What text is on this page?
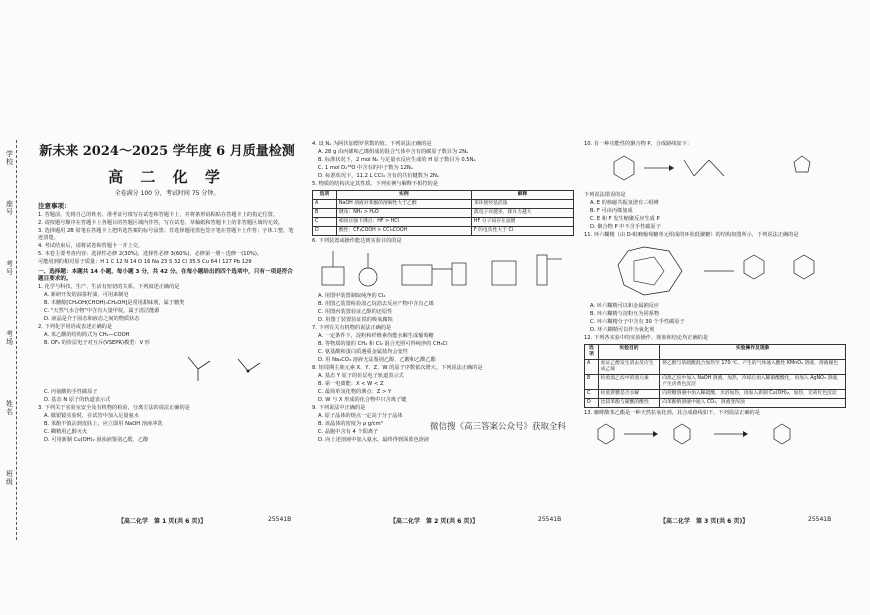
学校
班级
姓名
考场
考号
座号
新未来 2024～2025 学年度 6 月质量检测
高 二 化 学
全卷满分 100 分，考试时间 75 分钟。
注意事项：
1. 答题前，先将自己的姓名、准考证号填写在试卷和答题卡上，并将条形码粘贴在答题卡上的指定位置。
2. 请按题号顺序在答题卡上各题目的答题区域内作答，写在试卷、草稿纸和答题卡上的非答题区域均无效。
3. 选择题用 2B 铅笔在答题卡上把所选答案的标号涂黑；非选择题用黑色签字笔在答题卡上作答；字体工整，笔迹清楚。
4. 考试结束后，请将试卷和答题卡一并上交。
5. 本卷主要考查内容：选择性必修 2(30%)，选择性必修 3(60%)，必修第一册～选修一(10%)。
可能用到的相对原子质量：H 1 C 12 N 14 O 16 Na 23 S 32 Cl 35.5 Cu 64 I 127 Pb 129
一、选择题：本题共 14 小题，每小题 3 分，共 42 分。在每小题给出的四个选项中，只有一项是符合题目要求的。
1. 化学与科技、生产、生活有密切的关系。下列叙述正确的是
A. 新研开发的油茶籽油，可用来制皂
B. 木糖醇[CH₂OH(CHOH)₃CH₂OH]是常用甜味剂，属于糖类
C. "天然气水合物"中含有大量甲烷，属于清洁能源
D. 液晶是介于固态和液态之间的物质状态
2. 下列化学用语或表述正确的是
A. 苯乙酸的结构简式为 CH₂—COOH
B. OF₂ 的价层电子对互斥(VSEPR)模型：V 形
C. 丙氨酸的手性碳原子
D. 基态 N 原子的轨道表示式
3. 下列关于实验室安全及有机物的检验，分离方法的说法正确的是
A. 做银镜实验时，在试管中加入足量氨水
B. 苯酚不慎沾到皮肤上，应立即用 NaOH 溶液冲洗
C. 糊精用乙醇灭火
D. 可用新制 Cu(OH)₂ 悬浊液鉴别乙醛、乙酸
【高二化学　第 1 页(共 6 页)】	25541B
4. 设 Nₐ 为阿伏加德罗常数的值。下列说法正确的是
A. 28 g 由丙烯和乙烯组成的混合气体中含有的碳原子数目为 2Nₐ
B. 标准状况下，2 mol N₂ 与足量水反应生成的 H 原子数目为 0.5Nₐ
C. 1 mol D₂¹⁸O 中含有的中子数为 12Nₐ
D. 标准状况下，11.2 L CCl₄ 含有的共价键数为 2Nₐ
5. 物质的结构决定其性质。下列实例与解释不相符的是
选项	实例	解释
A	NaOH 溶液对苯酚的溶解性大于乙醇	苯环使羟基活泼
B	键角：NH₃ > H₂O	孤电子对越多，排斥力越大
C	相同压强下沸点：HF > HCl	HF 分子间存在氢键
D	酸性：CF₃COOH > CCl₃COOH	F 的电负性大于 Cl
6. 下列装置或操作能达到实验目的的是
A. 用图甲装置制取纯净的 Cl₂
B. 用图乙装置检验溴乙烷消去反应产物中含有乙烯
C. 用图丙装置验证乙醇的还原性
D. 用图丁装置验证铁的吸氧腐蚀
7. 下列有关有机物的说法正确的是
A. 一定条件下，淀粉和纤维素均能水解生成葡萄糖
B. 等物质的量的 CH₄ 和 Cl₂ 混合光照可得纯净的 CH₃Cl
C. 氨基酸和蛋白质遇重金属盐均会变性
D. 用 Na₂CO₃ 溶液无法鉴别乙醇、乙酸和乙酸乙酯
8. 短周期主族元素 X、Y、Z、W 的原子序数依次增大。下列说法正确的是
A. 基态 Y 原子的价层电子轨道表示式
B. 第一电离能：X < W < Z
C. 最简单氢化物的沸点：Z > Y
D. W 与 X 形成的化合物中只含离子键
9. 下列说法中正确的是
A. 原子晶体的熔点一定高于分子晶体
B. 该晶体的密度为 ρ g/cm³
C. 晶胞中含有 4 个阳离子
D. 向上述溶液中加入氨水，最终得到深蓝色溶液
微信搜《高三答案公众号》获取全科
【高二化学　第 2 页(共 6 页)】	25541B
10. 有一种功能性的聚合物 P，合成路线如下：
下列说法错误的是
A. E 的核磁共振氢谱有三组峰
B. F 可由丙烯加成
C. E 和 F 发生缩聚反应生成 P
D. 聚合物 P 中不含手性碳原子
11. 环六糊精（由 D-吡喃葡萄糖单元组成的环状低聚糖）的结构如图所示，下列说法正确的是
A. 环六糊精可以和金属钠反应
B. 环六糊精与淀粉互为同系物
C. 环六糊精分子中含有 30 个手性碳原子
D. 环六糊精可以作为氧化剂
12. 下列各实验中的实验操作、现象和结论均正确的是
选项	实验目的	实验操作及现象
A	验证乙醇发生消去反应生成乙烯	将乙醇与浓硫酸混合加热至 170 ℃，产生的气体通入酸性 KMnO₄ 溶液，溶液褪色
B	检验溴乙烷中的溴元素	向溴乙烷中加入 NaOH 溶液，加热，冷却后加入稀硝酸酸化，再加入 AgNO₃ 溶液，产生淡黄色沉淀
C	检验蔗糖是否水解	向蔗糖溶液中加入稀硫酸，水浴加热，再加入新制 Cu(OH)₂，加热，无砖红色沉淀
D	比较苯酚与碳酸的酸性	向苯酚钠溶液中通入 CO₂，溶液变浑浊
13. 咖啡酸苯乙酯是一种天然抗氧化剂，其合成路线如下，下列说法正确的是
【高二化学　第 3 页(共 6 页)】	25541B
